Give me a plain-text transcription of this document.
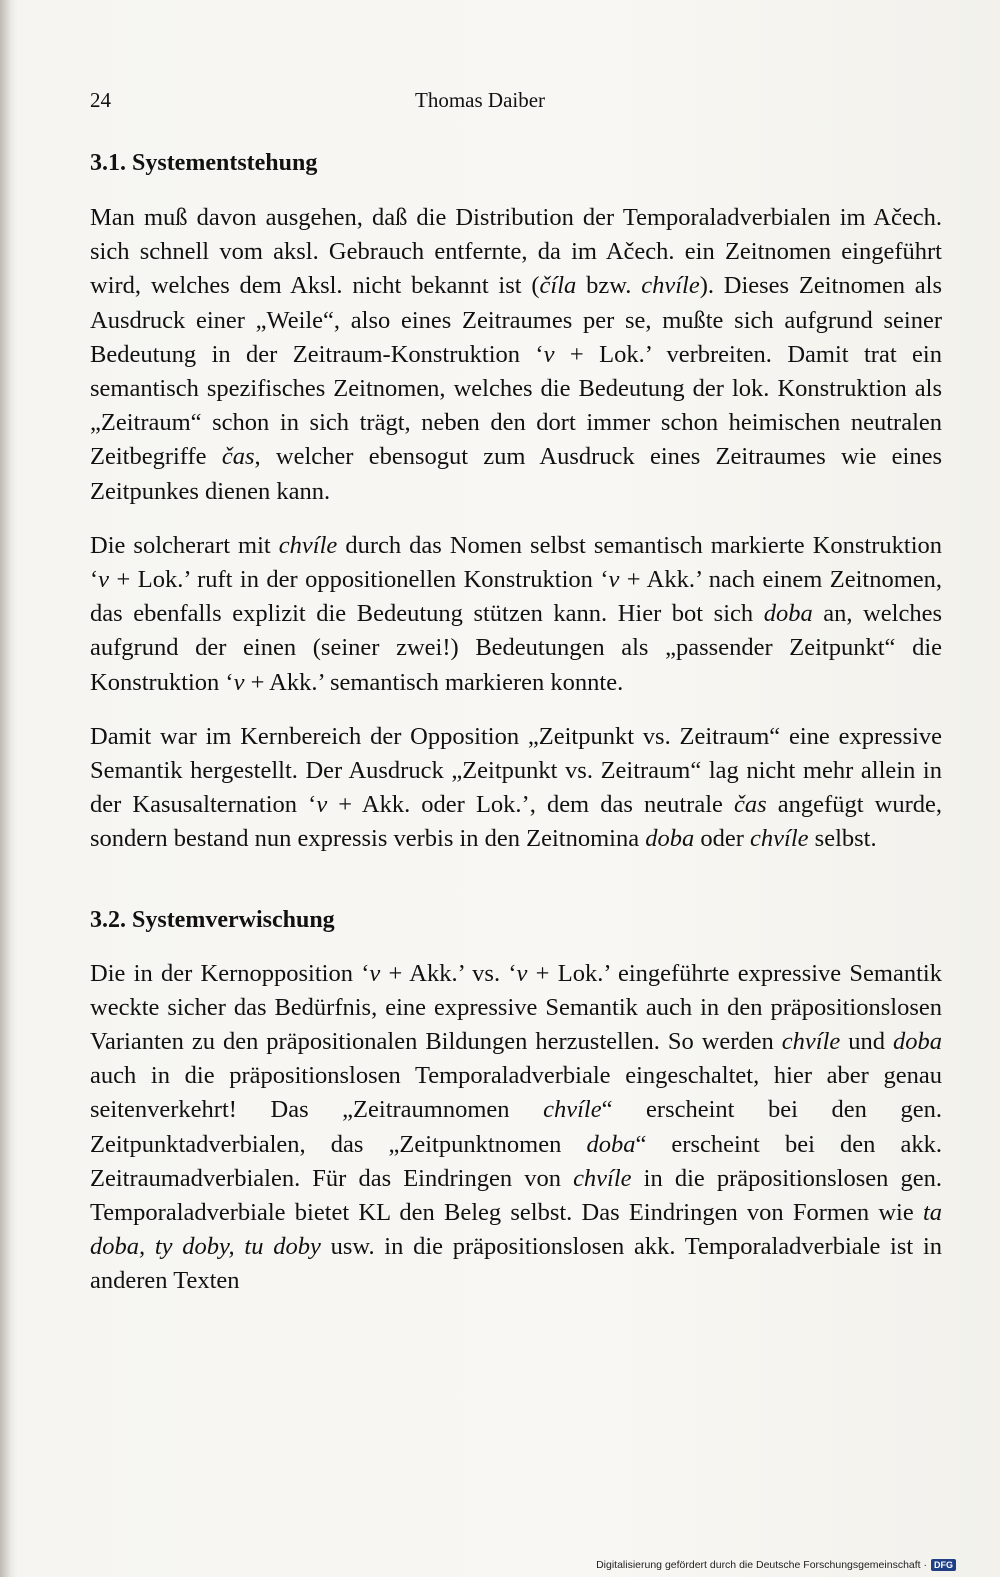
24	Thomas Daiber
3.1. Systementstehung

Man muß davon ausgehen, daß die Distribution der Temporaladverbialen im Ačech. sich schnell vom aksl. Gebrauch entfernte, da im Ačech. ein Zeitnomen eingeführt wird, welches dem Aksl. nicht bekannt ist (číla bzw. chvíle). Dieses Zeitnomen als Ausdruck einer „Weile“, also eines Zeitraumes per se, mußte sich aufgrund seiner Bedeutung in der Zeitraum-Konstruktion ‘v + Lok.’ verbreiten. Damit trat ein semantisch spezifisches Zeitnomen, welches die Bedeutung der lok. Konstruktion als „Zeitraum“ schon in sich trägt, neben den dort immer schon heimischen neutralen Zeitbegriffe čas, welcher ebensogut zum Ausdruck eines Zeitraumes wie eines Zeitpunkes dienen kann.

Die solcherart mit chvíle durch das Nomen selbst semantisch markierte Konstruktion ‘v + Lok.’ ruft in der oppositionellen Konstruktion ‘v + Akk.’ nach einem Zeitnomen, das ebenfalls explizit die Bedeutung stützen kann. Hier bot sich doba an, welches aufgrund der einen (seiner zwei!) Bedeutungen als „passender Zeitpunkt“ die Konstruktion ‘v + Akk.’ semantisch markieren konnte.

Damit war im Kernbereich der Opposition „Zeitpunkt vs. Zeitraum“ eine expressive Semantik hergestellt. Der Ausdruck „Zeitpunkt vs. Zeitraum“ lag nicht mehr allein in der Kasusalternation ‘v + Akk. oder Lok.’, dem das neutrale čas angefügt wurde, sondern bestand nun expressis verbis in den Zeitnomina doba oder chvíle selbst.

3.2. Systemverwischung

Die in der Kernopposition ‘v + Akk.’ vs. ‘v + Lok.’ eingeführte expressive Semantik weckte sicher das Bedürfnis, eine expressive Semantik auch in den präpositionslosen Varianten zu den präpositionalen Bildungen herzustellen. So werden chvíle und doba auch in die präpositionslosen Temporaladverbiale eingeschaltet, hier aber genau seitenverkehrt! Das „Zeitraumnomen chvíle“ erscheint bei den gen. Zeitpunktadverbialen, das „Zeitpunktnomen doba“ erscheint bei den akk. Zeitraumadverbialen. Für das Eindringen von chvíle in die präpositionslosen gen. Temporaladverbiale bietet KL den Beleg selbst. Das Eindringen von Formen wie ta doba, ty doby, tu doby usw. in die präpositionslosen akk. Temporaladverbiale ist in anderen Texten

Digitalisierung gefördert durch die Deutsche Forschungsgemeinschaft · DFG
